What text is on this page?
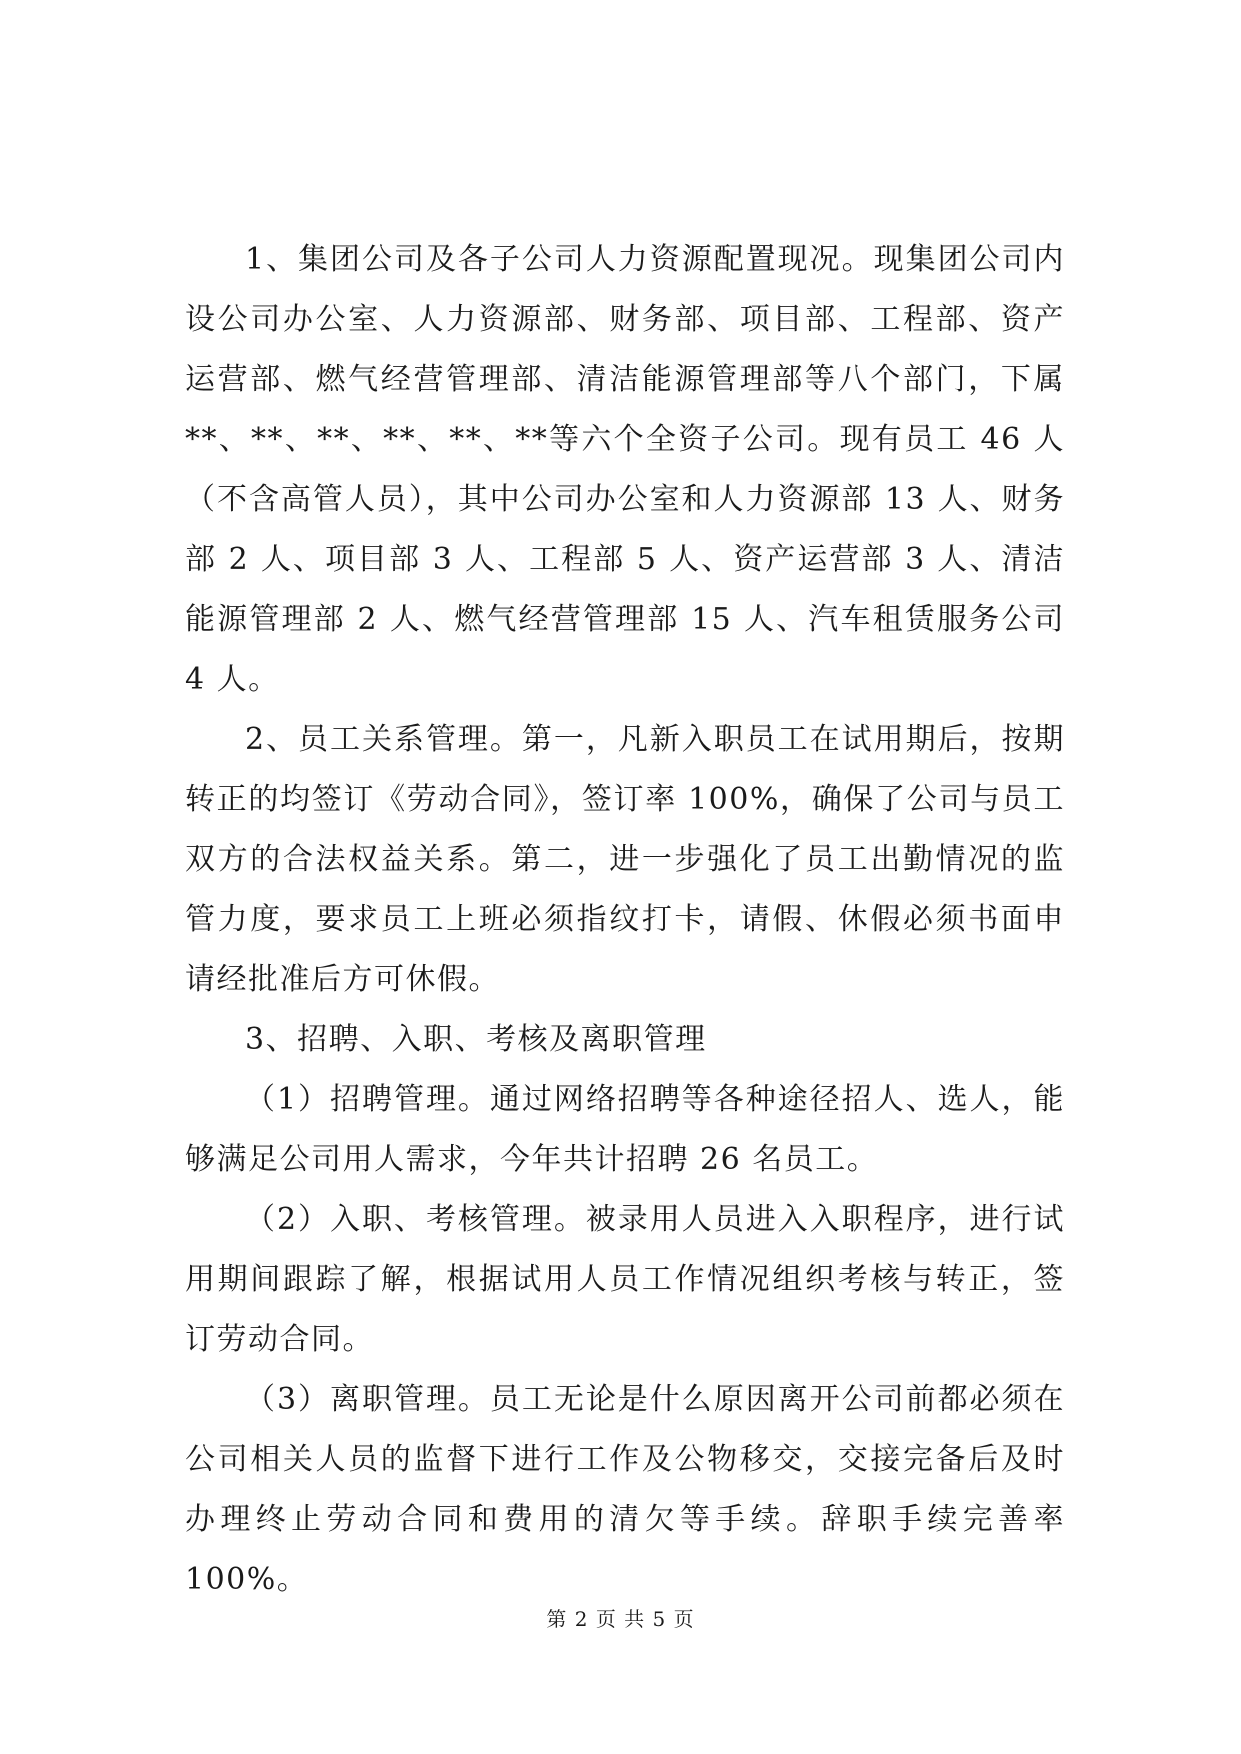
1、集团公司及各子公司人力资源配置现况。现集团公司内设公司办公室、人力资源部、财务部、项目部、工程部、资产运营部、燃气经营管理部、清洁能源管理部等八个部门，下属**、**、**、**、**、**等六个全资子公司。现有员工 46 人（不含高管人员），其中公司办公室和人力资源部 13 人、财务部 2 人、项目部 3 人、工程部 5 人、资产运营部 3 人、清洁能源管理部 2 人、燃气经营管理部 15 人、汽车租赁服务公司 4 人。

2、员工关系管理。第一，凡新入职员工在试用期后，按期转正的均签订《劳动合同》，签订率 100%，确保了公司与员工双方的合法权益关系。第二，进一步强化了员工出勤情况的监管力度，要求员工上班必须指纹打卡，请假、休假必须书面申请经批准后方可休假。

3、招聘、入职、考核及离职管理

（1）招聘管理。通过网络招聘等各种途径招人、选人，能够满足公司用人需求，今年共计招聘 26 名员工。

（2）入职、考核管理。被录用人员进入入职程序，进行试用期间跟踪了解，根据试用人员工作情况组织考核与转正，签订劳动合同。

（3）离职管理。员工无论是什么原因离开公司前都必须在公司相关人员的监督下进行工作及公物移交，交接完备后及时办理终止劳动合同和费用的清欠等手续。辞职手续完善率 100%。

第 2 页 共 5 页
